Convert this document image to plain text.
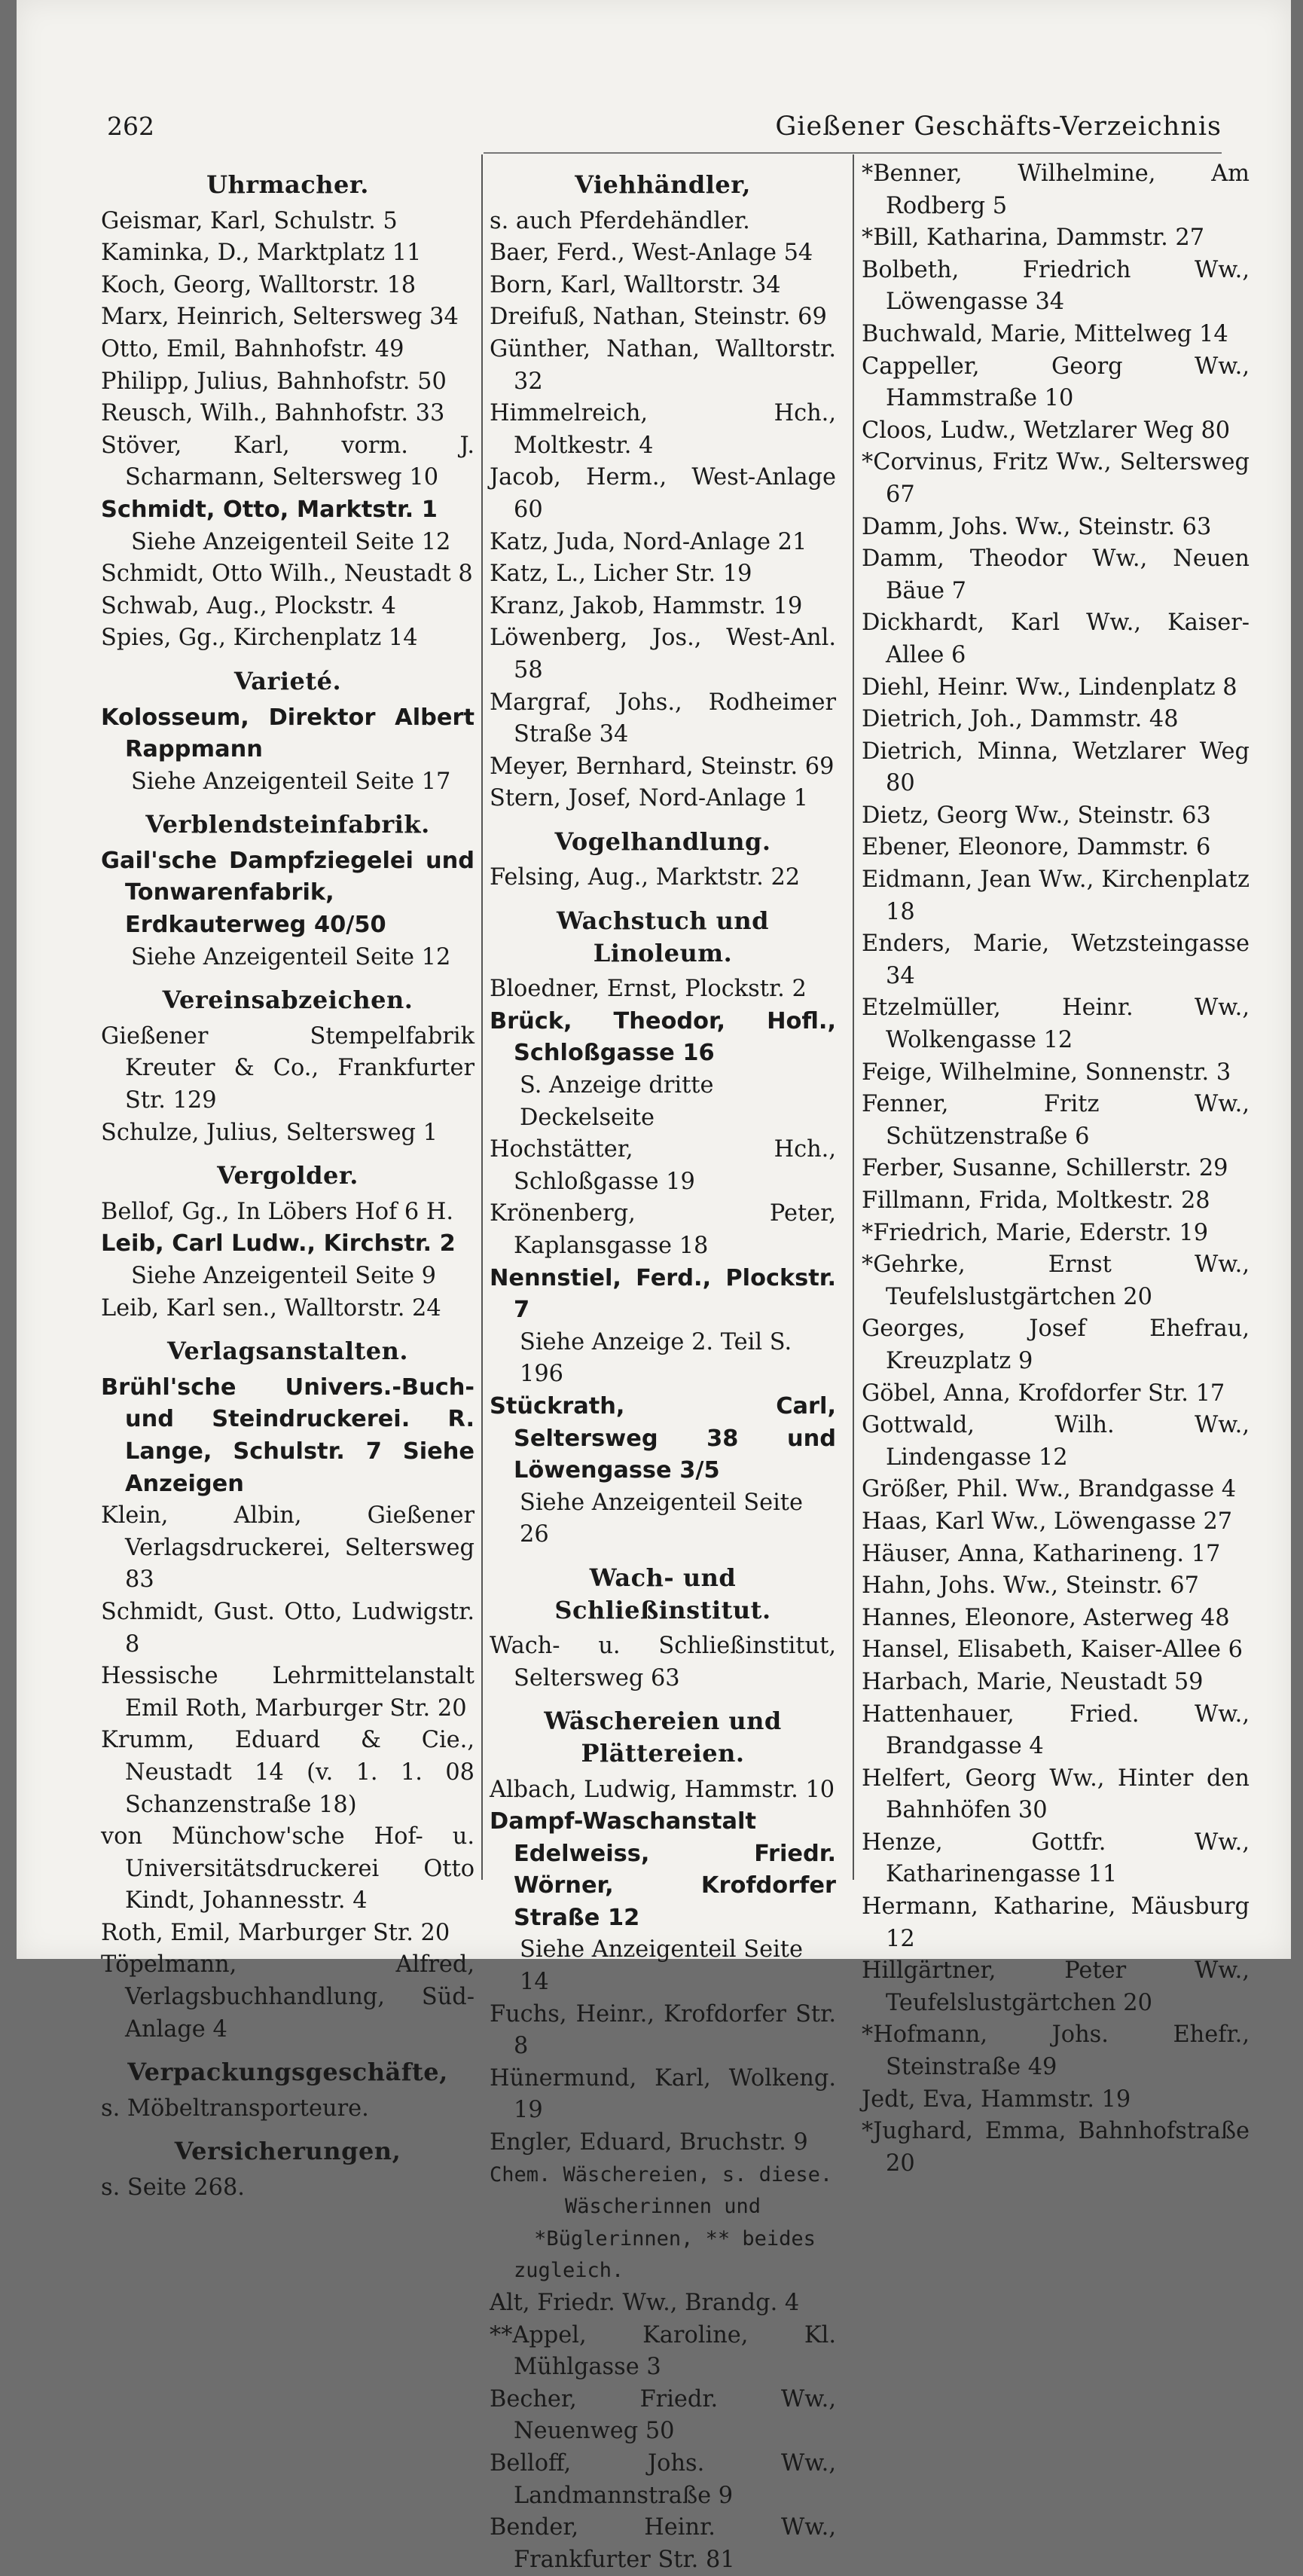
262	Gießener Geschäfts-Verzeichnis
Uhrmacher.
Geismar, Karl, Schulstr. 5
Kaminka, D., Marktplatz 11
Koch, Georg, Walltorstr. 18
Marx, Heinrich, Seltersweg 34
Otto, Emil, Bahnhofstr. 49
Philipp, Julius, Bahnhofstr. 50
Reusch, Wilh., Bahnhofstr. 33
Stöver, Karl, vorm. J. Scharmann, Seltersweg 10
Schmidt, Otto, Marktstr. 1
Siehe Anzeigenteil Seite 12
Schmidt, Otto Wilh., Neustadt 8
Schwab, Aug., Plockstr. 4
Spies, Gg., Kirchenplatz 14
Varieté.
Kolosseum, Direktor Albert Rappmann
Siehe Anzeigenteil Seite 17
Verblendsteinfabrik.
Gail'sche Dampfziegelei und Tonwarenfabrik, Erdkauterweg 40/50
Siehe Anzeigenteil Seite 12
Vereinsabzeichen.
Gießener Stempelfabrik Kreuter & Co., Frankfurter Str. 129
Schulze, Julius, Seltersweg 1
Vergolder.
Bellof, Gg., In Löbers Hof 6 H.
Leib, Carl Ludw., Kirchstr. 2
Siehe Anzeigenteil Seite 9
Leib, Karl sen., Walltorstr. 24
Verlagsanstalten.
Brühl'sche Univers.-Buch- und Steindruckerei. R. Lange, Schulstr. 7 Siehe Anzeigen
Klein, Albin, Gießener Verlagsdruckerei, Seltersweg 83
Schmidt, Gust. Otto, Ludwigstr. 8
Hessische Lehrmittelanstalt Emil Roth, Marburger Str. 20
Krumm, Eduard & Cie., Neustadt 14 (v. 1. 1. 08 Schanzenstraße 18)
von Münchow'sche Hof- u. Universitätsdruckerei Otto Kindt, Johannesstr. 4
Roth, Emil, Marburger Str. 20
Töpelmann, Alfred, Verlagsbuchhandlung, Süd-Anlage 4
Verpackungsgeschäfte,
s. Möbeltransporteure.
Versicherungen,
s. Seite 268.
Viehhändler,
s. auch Pferdehändler.
Baer, Ferd., West-Anlage 54
Born, Karl, Walltorstr. 34
Dreifuß, Nathan, Steinstr. 69
Günther, Nathan, Walltorstr. 32
Himmelreich, Hch., Moltkestr. 4
Jacob, Herm., West-Anlage 60
Katz, Juda, Nord-Anlage 21
Katz, L., Licher Str. 19
Kranz, Jakob, Hammstr. 19
Löwenberg, Jos., West-Anl. 58
Margraf, Johs., Rodheimer Straße 34
Meyer, Bernhard, Steinstr. 69
Stern, Josef, Nord-Anlage 1
Vogelhandlung.
Felsing, Aug., Marktstr. 22
Wachstuch und Linoleum.
Bloedner, Ernst, Plockstr. 2
Brück, Theodor, Hofl., Schloßgasse 16
S. Anzeige dritte Deckelseite
Hochstätter, Hch., Schloßgasse 19
Krönenberg, Peter, Kaplansgasse 18
Nennstiel, Ferd., Plockstr. 7
Siehe Anzeige 2. Teil S. 196
Stückrath, Carl, Seltersweg 38 und Löwengasse 3/5
Siehe Anzeigenteil Seite 26
Wach- und Schließinstitut.
Wach- u. Schließinstitut, Seltersweg 63
Wäschereien und Plättereien.
Albach, Ludwig, Hammstr. 10
Dampf-Waschanstalt Edelweiss, Friedr. Wörner, Krofdorfer Straße 12
Siehe Anzeigenteil Seite 14
Fuchs, Heinr., Krofdorfer Str. 8
Hünermund, Karl, Wolkeng. 19
Engler, Eduard, Bruchstr. 9
Chem. Wäschereien, s. diese.
Wäscherinnen und *Büglerinnen, ** beides zugleich.
Alt, Friedr. Ww., Brandg. 4
**Appel, Karoline, Kl. Mühlgasse 3
Becher, Friedr. Ww., Neuenweg 50
Belloff, Johs. Ww., Landmannstraße 9
Bender, Heinr. Ww., Frankfurter Str. 81
*Benner, Wilhelmine, Am Rodberg 5
*Bill, Katharina, Dammstr. 27
Bolbeth, Friedrich Ww., Löwengasse 34
Buchwald, Marie, Mittelweg 14
Cappeller, Georg Ww., Hammstraße 10
Cloos, Ludw., Wetzlarer Weg 80
*Corvinus, Fritz Ww., Seltersweg 67
Damm, Johs. Ww., Steinstr. 63
Damm, Theodor Ww., Neuen Bäue 7
Dickhardt, Karl Ww., Kaiser-Allee 6
Diehl, Heinr. Ww., Lindenplatz 8
Dietrich, Joh., Dammstr. 48
Dietrich, Minna, Wetzlarer Weg 80
Dietz, Georg Ww., Steinstr. 63
Ebener, Eleonore, Dammstr. 6
Eidmann, Jean Ww., Kirchenplatz 18
Enders, Marie, Wetzsteingasse 34
Etzelmüller, Heinr. Ww., Wolkengasse 12
Feige, Wilhelmine, Sonnenstr. 3
Fenner, Fritz Ww., Schützenstraße 6
Ferber, Susanne, Schillerstr. 29
Fillmann, Frida, Moltkestr. 28
*Friedrich, Marie, Ederstr. 19
*Gehrke, Ernst Ww., Teufelslustgärtchen 20
Georges, Josef Ehefrau, Kreuzplatz 9
Göbel, Anna, Krofdorfer Str. 17
Gottwald, Wilh. Ww., Lindengasse 12
Größer, Phil. Ww., Brandgasse 4
Haas, Karl Ww., Löwengasse 27
Häuser, Anna, Katharineng. 17
Hahn, Johs. Ww., Steinstr. 67
Hannes, Eleonore, Asterweg 48
Hansel, Elisabeth, Kaiser-Allee 6
Harbach, Marie, Neustadt 59
Hattenhauer, Fried. Ww., Brandgasse 4
Helfert, Georg Ww., Hinter den Bahnhöfen 30
Henze, Gottfr. Ww., Katharinengasse 11
Hermann, Katharine, Mäusburg 12
Hillgärtner, Peter Ww., Teufelslustgärtchen 20
*Hofmann, Johs. Ehefr., Steinstraße 49
Jedt, Eva, Hammstr. 19
*Jughard, Emma, Bahnhofstraße 20
